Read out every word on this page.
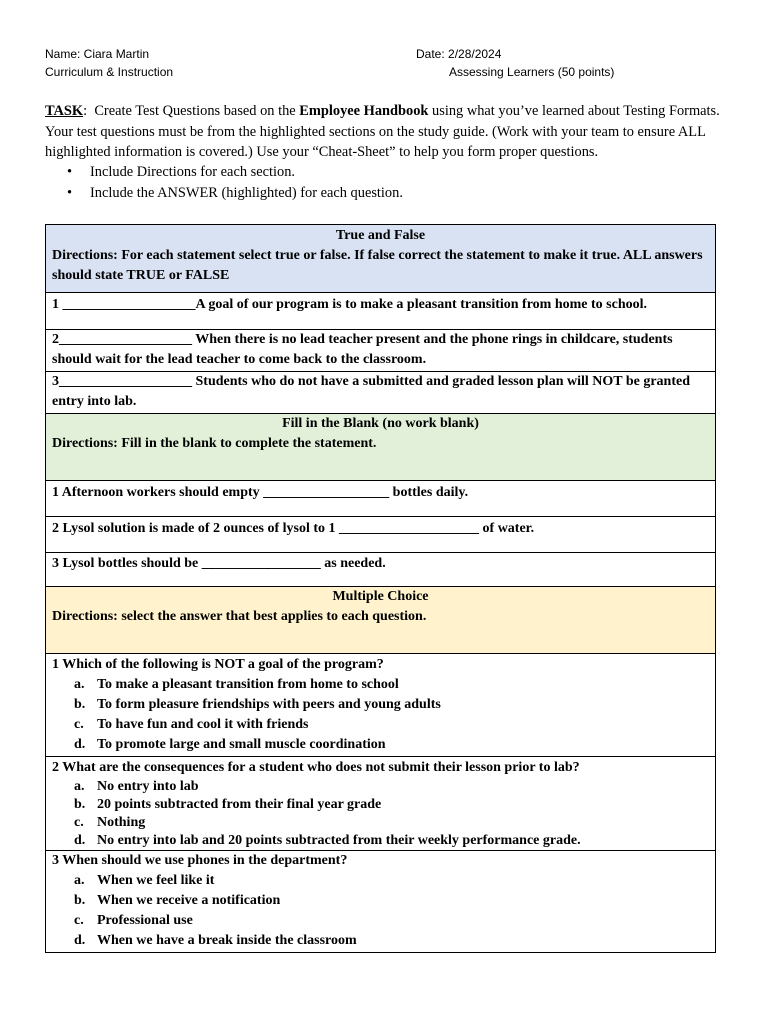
Name: Ciara Martin
Curriculum & Instruction
Date: 2/28/2024
Assessing Learners (50 points)
TASK:  Create Test Questions based on the Employee Handbook using what you’ve learned about Testing Formats. Your test questions must be from the highlighted sections on the study guide. (Work with your team to ensure ALL highlighted information is covered.) Use your “Cheat-Sheet” to help you form proper questions.
• Include Directions for each section.
• Include the ANSWER (highlighted) for each question.
True and False
Directions: For each statement select true or false. If false correct the statement to make it true. ALL answers should state TRUE or FALSE
1 ___________________A goal of our program is to make a pleasant transition from home to school.
2___________________ When there is no lead teacher present and the phone rings in childcare, students should wait for the lead teacher to come back to the classroom.
3___________________ Students who do not have a submitted and graded lesson plan will NOT be granted entry into lab.

Fill in the Blank (no work blank)
Directions: Fill in the blank to complete the statement.
1 Afternoon workers should empty __________________ bottles daily.
2 Lysol solution is made of 2 ounces of lysol to 1 ____________________ of water.
3 Lysol bottles should be _________________ as needed.

Multiple Choice
Directions: select the answer that best applies to each question.

1 Which of the following is NOT a goal of the program?
a. To make a pleasant transition from home to school
b. To form pleasure friendships with peers and young adults
c. To have fun and cool it with friends
d. To promote large and small muscle coordination

2 What are the consequences for a student who does not submit their lesson prior to lab?
a. No entry into lab
b. 20 points subtracted from their final year grade
c. Nothing
d. No entry into lab and 20 points subtracted from their weekly performance grade.

3 When should we use phones in the department?
a. When we feel like it
b. When we receive a notification
c. Professional use
d. When we have a break inside the classroom
